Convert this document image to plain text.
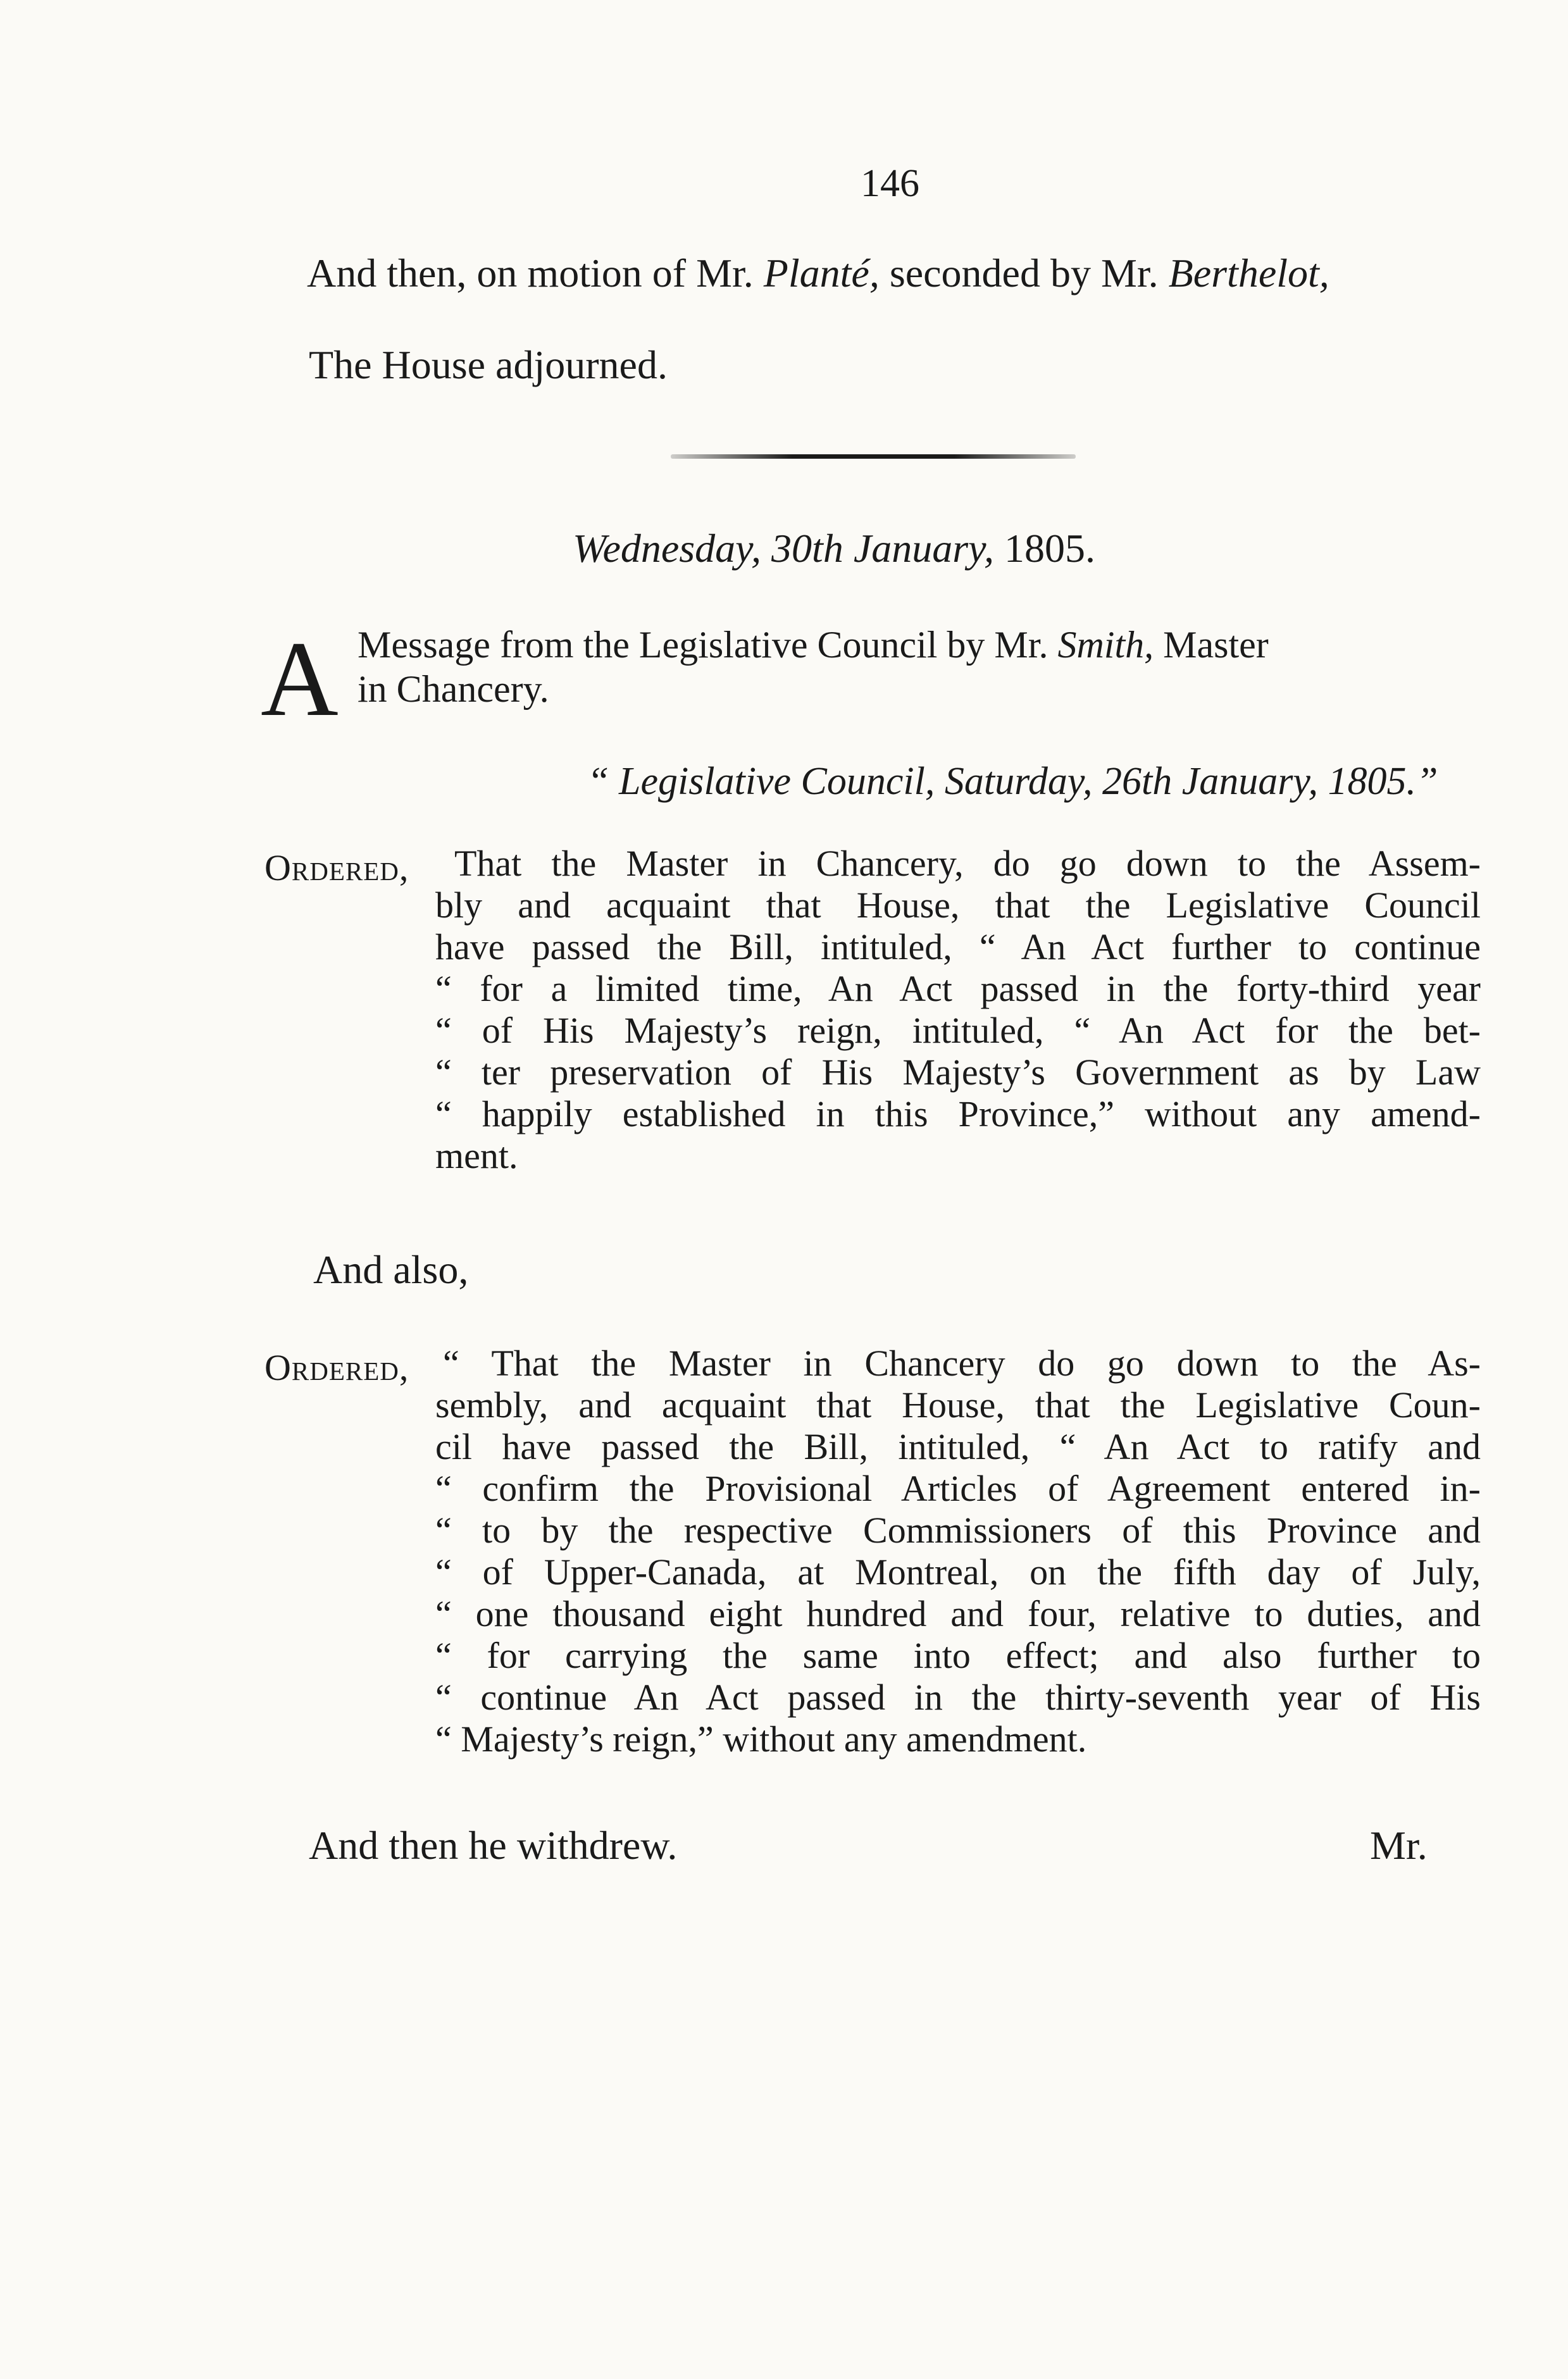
146
And then, on motion of Mr. Planté, seconded by Mr. Berthelot,
The House adjourned.
Wednesday, 30th January, 1805.
A Message from the Legislative Council by Mr. Smith, Master
in Chancery.
“ Legislative Council, Saturday, 26th January, 1805.”
Ordered, That the Master in Chancery, do go down to the Assem-
bly and acquaint that House, that the Legislative Council
have passed the Bill, intituled, “ An Act further to continue
“ for a limited time, An Act passed in the forty-third year
“ of His Majesty’s reign, intituled, “ An Act for the bet-
“ ter preservation of His Majesty’s Government as by Law
“ happily established in this Province,” without any amend-
ment.
And also,
Ordered, “ That the Master in Chancery do go down to the As-
sembly, and acquaint that House, that the Legislative Coun-
cil have passed the Bill, intituled, “ An Act to ratify and
“ confirm the Provisional Articles of Agreement entered in-
“ to by the respective Commissioners of this Province and
“ of Upper-Canada, at Montreal, on the fifth day of July,
“ one thousand eight hundred and four, relative to duties, and
“ for carrying the same into effect; and also further to
“ continue An Act passed in the thirty-seventh year of His
“ Majesty’s reign,” without any amendment.
And then he withdrew.	Mr.
